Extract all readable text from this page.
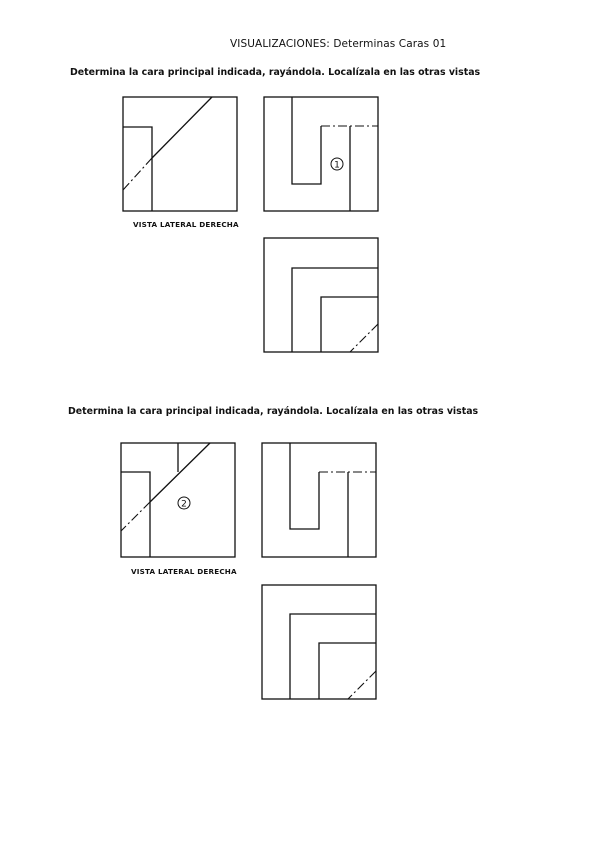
VISUALIZACIONES: Determinas Caras 01
Determina la cara principal indicada, rayándola. Localízala en las otras vistas
VISTA LATERAL DERECHA
Determina la cara principal indicada, rayándola. Localízala en las otras vistas
VISTA LATERAL DERECHA
1
2
